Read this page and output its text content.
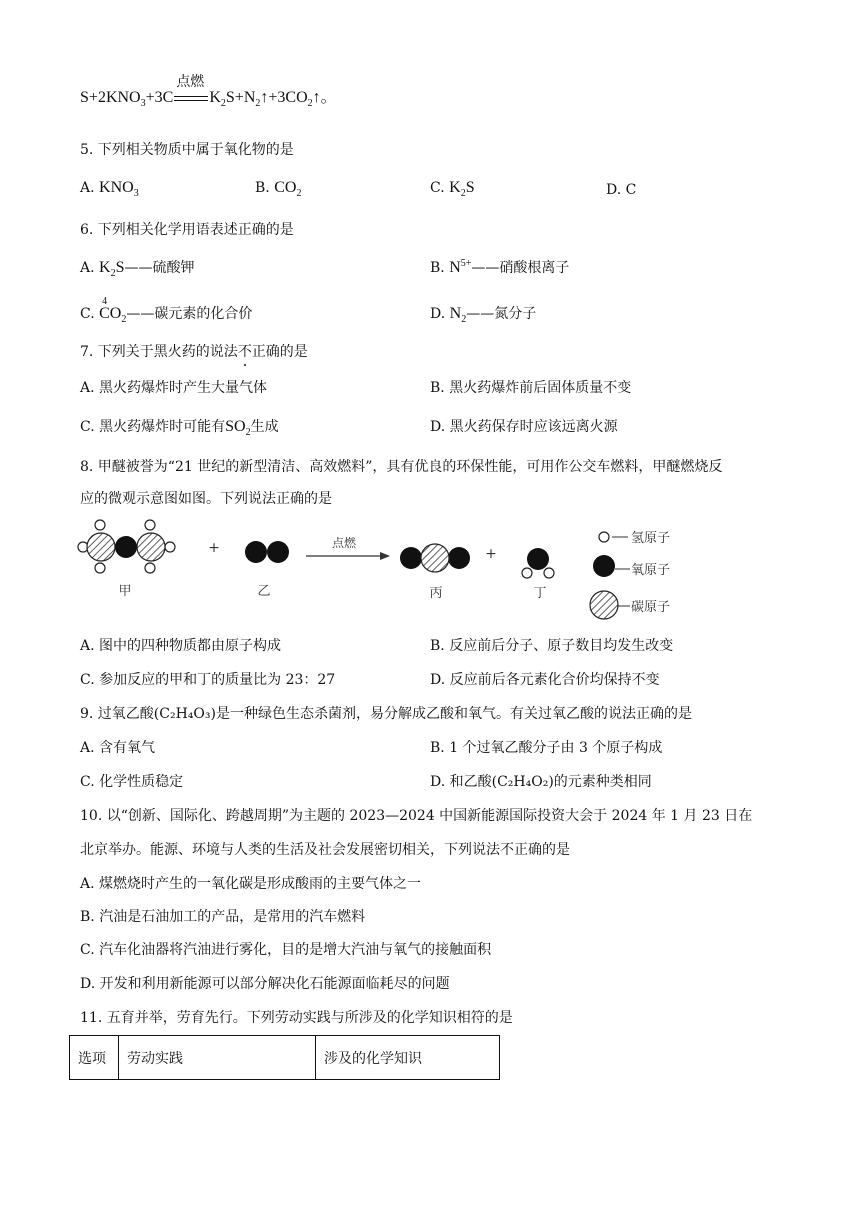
$S+2KNO_3+3C$
点燃
$K_2S+N_2↑+3CO_2↑$。
5. 下列相关物质中属于氧化物的是
A. $KNO_3$	B. $CO_2$	C. $K_2S$	D. C
6. 下列相关化学用语表述正确的是
A. $K_2S——$硫酸钾	B. $N^{5+}——$硝酸根离子
C.
4
$CO_2——$碳元素的化合价	D. $N_2——$氮分子
7. 下列关于黑火药的说法不正确的是
A. 黑火药爆炸时产生大量气体	B. 黑火药爆炸前后固体质量不变
C. 黑火药爆炸时可能有$SO_2$生成	D. 黑火药保存时应该远离火源
8. 甲醚被誉为“21 世纪的新型清洁、高效燃料”，具有优良的环保性能，可用作公交车燃料，甲醚燃烧反
应的微观示意图如图。下列说法正确的是
甲
+
乙
点燃
丙
+
丁
氢原子
氧原子
碳原子
A. 图中的四种物质都由原子构成	B. 反应前后分子、原子数目均发生改变
C. 参加反应的甲和丁的质量比为 23：27	D. 反应前后各元素化合价均保持不变
9. 过氧乙酸(C₂H₄O₃)是一种绿色生态杀菌剂，易分解成乙酸和氧气。有关过氧乙酸的说法正确的是
A. 含有氧气	B. 1 个过氧乙酸分子由 3 个原子构成
C. 化学性质稳定	D. 和乙酸(C₂H₄O₂)的元素种类相同
10. 以“创新、国际化、跨越周期”为主题的 2023—2024 中国新能源国际投资大会于 2024 年 1 月 23 日在
北京举办。能源、环境与人类的生活及社会发展密切相关，下列说法不正确的是
A. 煤燃烧时产生的一氧化碳是形成酸雨的主要气体之一
B. 汽油是石油加工的产品，是常用的汽车燃料
C. 汽车化油器将汽油进行雾化，目的是增大汽油与氧气的接触面积
D. 开发和利用新能源可以部分解决化石能源面临耗尽的问题
11. 五育并举，劳育先行。下列劳动实践与所涉及的化学知识相符的是
选项	劳动实践	涉及的化学知识
